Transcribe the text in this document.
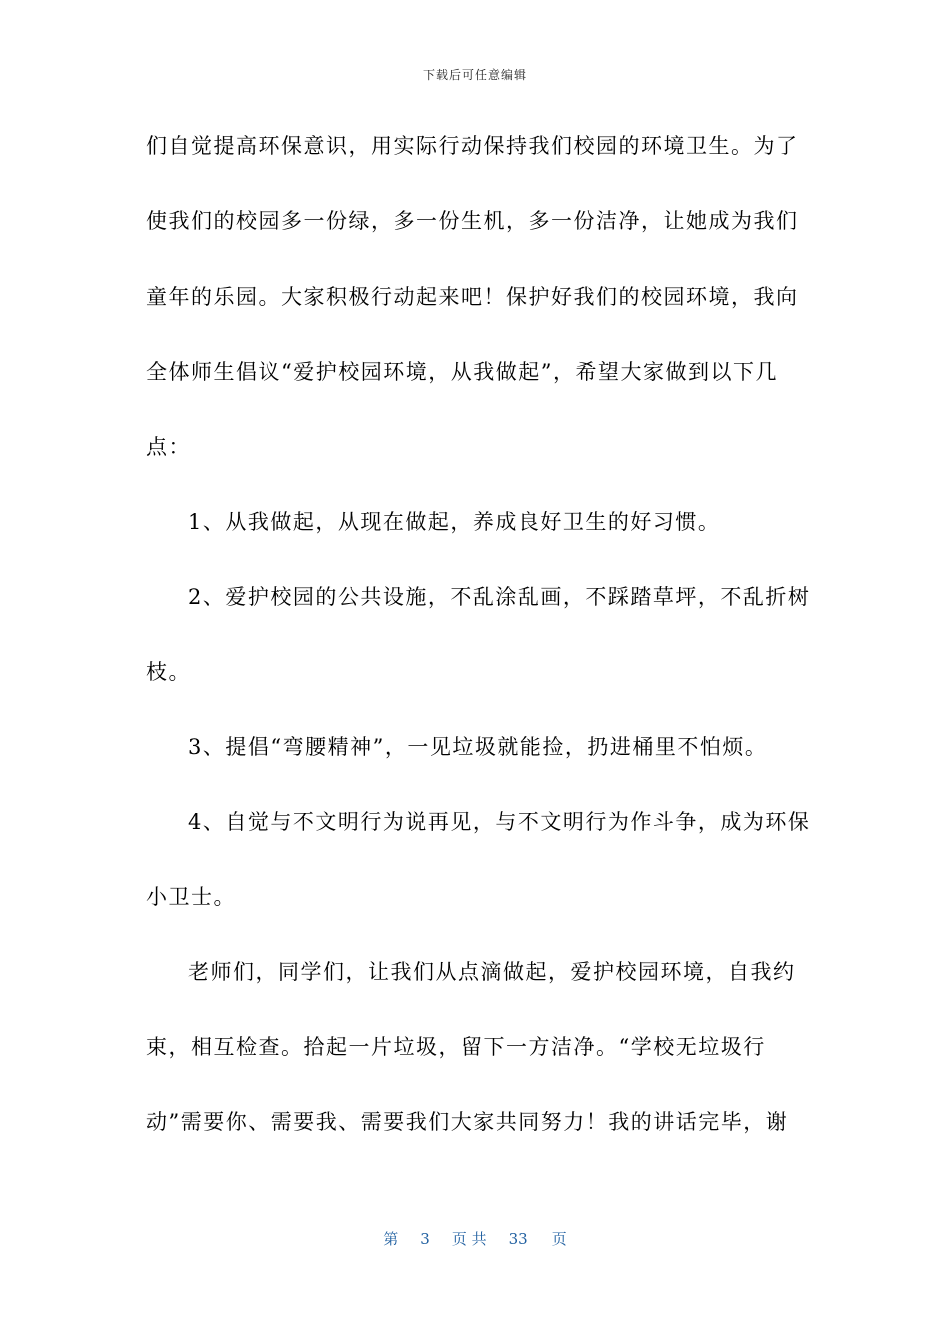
下载后可任意编辑
们自觉提高环保意识，用实际行动保持我们校园的环境卫生。为了
使我们的校园多一份绿，多一份生机，多一份洁净，让她成为我们
童年的乐园。大家积极行动起来吧！保护好我们的校园环境，我向
全体师生倡议“爱护校园环境，从我做起”，希望大家做到以下几
点：
1、从我做起，从现在做起，养成良好卫生的好习惯。
2、爱护校园的公共设施，不乱涂乱画，不踩踏草坪，不乱折树
枝。
3、提倡“弯腰精神”，一见垃圾就能捡，扔进桶里不怕烦。
4、自觉与不文明行为说再见，与不文明行为作斗争，成为环保
小卫士。
老师们，同学们，让我们从点滴做起，爱护校园环境，自我约
束，相互检查。拾起一片垃圾，留下一方洁净。“学校无垃圾行
动”需要你、需要我、需要我们大家共同努力！我的讲话完毕，谢
第 3 页 共 33 页
